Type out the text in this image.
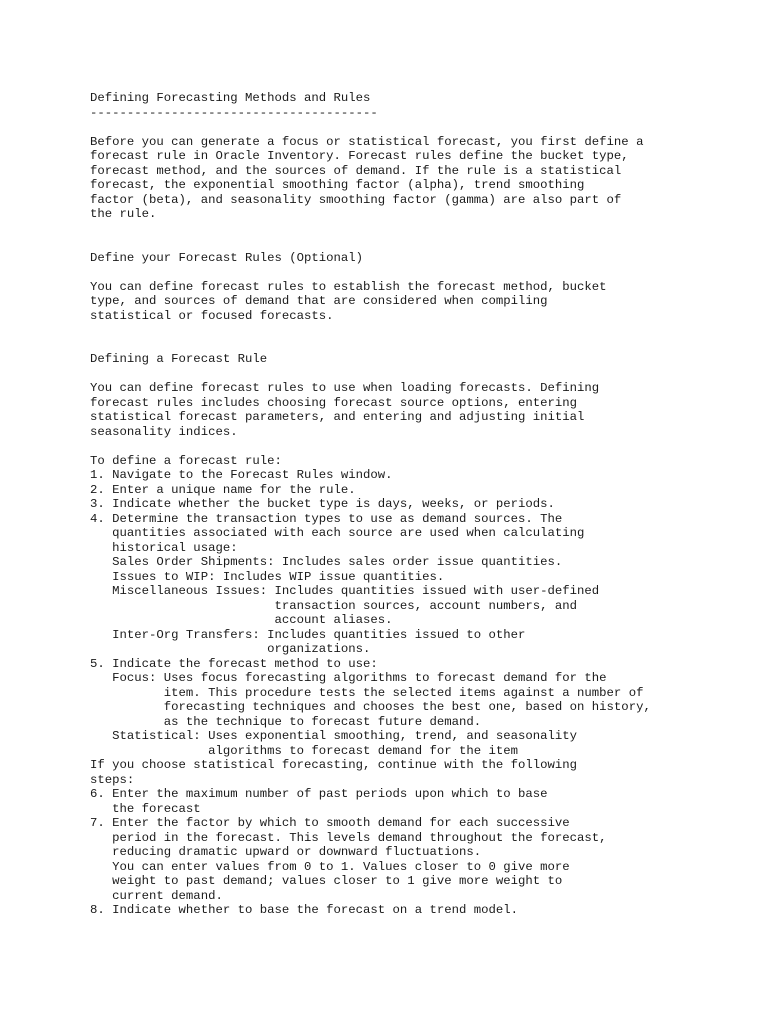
Defining Forecasting Methods and Rules
---------------------------------------
Before you can generate a focus or statistical forecast, you first define a
forecast rule in Oracle Inventory. Forecast rules define the bucket type,
forecast method, and the sources of demand. If the rule is a statistical
forecast, the exponential smoothing factor (alpha), trend smoothing
factor (beta), and seasonality smoothing factor (gamma) are also part of
the rule.
Define your Forecast Rules (Optional)
You can define forecast rules to establish the forecast method, bucket
type, and sources of demand that are considered when compiling
statistical or focused forecasts.
Defining a Forecast Rule
You can define forecast rules to use when loading forecasts. Defining
forecast rules includes choosing forecast source options, entering
statistical forecast parameters, and entering and adjusting initial
seasonality indices.
To define a forecast rule:
1. Navigate to the Forecast Rules window.
2. Enter a unique name for the rule.
3. Indicate whether the bucket type is days, weeks, or periods.
4. Determine the transaction types to use as demand sources. The
quantities associated with each source are used when calculating
historical usage:
Sales Order Shipments: Includes sales order issue quantities.
Issues to WIP: Includes WIP issue quantities.
Miscellaneous Issues: Includes quantities issued with user-defined
transaction sources, account numbers, and
account aliases.
Inter-Org Transfers: Includes quantities issued to other
organizations.
5. Indicate the forecast method to use:
Focus: Uses focus forecasting algorithms to forecast demand for the
item. This procedure tests the selected items against a number of
forecasting techniques and chooses the best one, based on history,
as the technique to forecast future demand.
Statistical: Uses exponential smoothing, trend, and seasonality
algorithms to forecast demand for the item
If you choose statistical forecasting, continue with the following
steps:
6. Enter the maximum number of past periods upon which to base
the forecast
7. Enter the factor by which to smooth demand for each successive
period in the forecast. This levels demand throughout the forecast,
reducing dramatic upward or downward fluctuations.
You can enter values from 0 to 1. Values closer to 0 give more
weight to past demand; values closer to 1 give more weight to
current demand.
8. Indicate whether to base the forecast on a trend model.
